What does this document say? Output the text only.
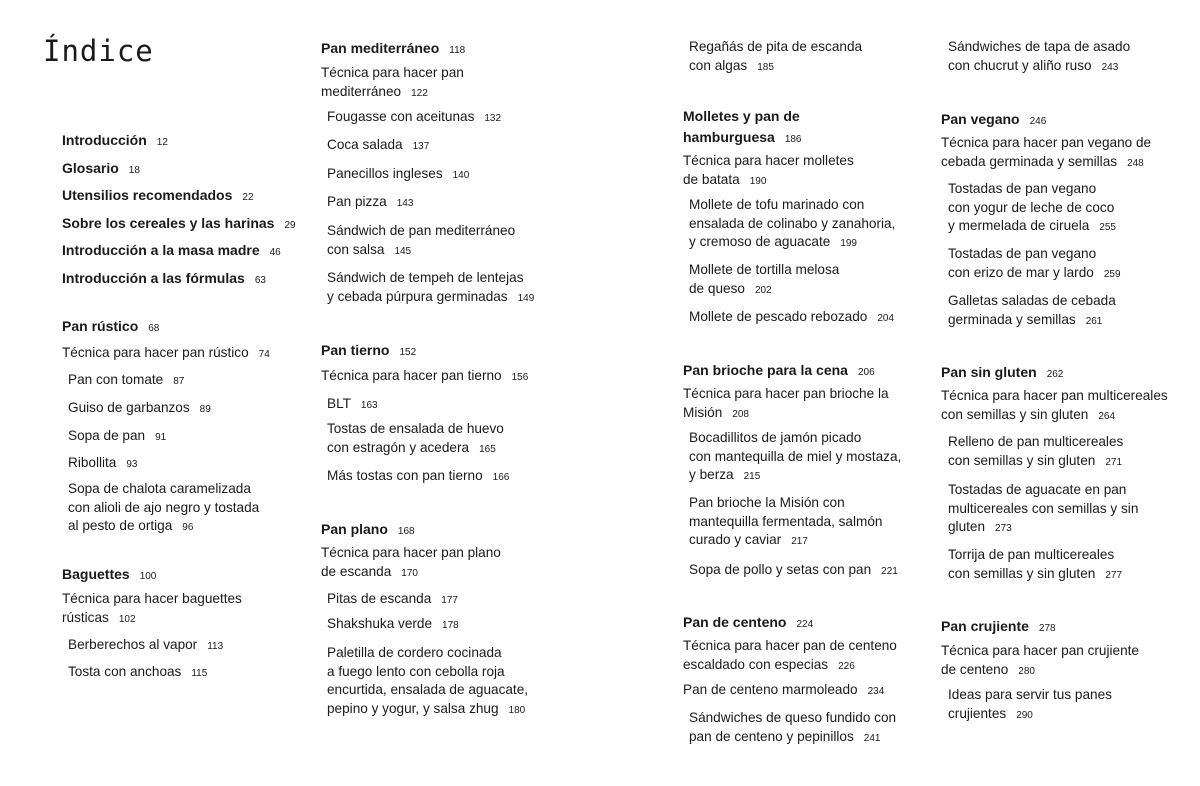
Índice
Introducción 12
Glosario 18
Utensilios recomendados 22
Sobre los cereales y las harinas 29
Introducción a la masa madre 46
Introducción a las fórmulas 63
Pan rústico 68
Técnica para hacer pan rústico 74
Pan con tomate 87
Guiso de garbanzos 89
Sopa de pan 91
Ribollita 93
Sopa de chalota caramelizada
con alioli de ajo negro y tostada
al pesto de ortiga 96
Baguettes 100
Técnica para hacer baguettes
rústicas 102
Berberechos al vapor 113
Tosta con anchoas 115
Pan mediterráneo 118
Técnica para hacer pan
mediterráneo 122
Fougasse con aceitunas 132
Coca salada 137
Panecillos ingleses 140
Pan pizza 143
Sándwich de pan mediterráneo
con salsa 145
Sándwich de tempeh de lentejas
y cebada púrpura germinadas 149
Pan tierno 152
Técnica para hacer pan tierno 156
BLT 163
Tostas de ensalada de huevo
con estragón y acedera 165
Más tostas con pan tierno 166
Pan plano 168
Técnica para hacer pan plano
de escanda 170
Pitas de escanda 177
Shakshuka verde 178
Paletilla de cordero cocinada
a fuego lento con cebolla roja
encurtida, ensalada de aguacate,
pepino y yogur, y salsa zhug 180
Regañás de pita de escanda
con algas 185
Molletes y pan de
hamburguesa 186
Técnica para hacer molletes
de batata 190
Mollete de tofu marinado con
ensalada de colinabo y zanahoria,
y cremoso de aguacate 199
Mollete de tortilla melosa
de queso 202
Mollete de pescado rebozado 204
Pan brioche para la cena 206
Técnica para hacer pan brioche la
Misión 208
Bocadillitos de jamón picado
con mantequilla de miel y mostaza,
y berza 215
Pan brioche la Misión con
mantequilla fermentada, salmón
curado y caviar 217
Sopa de pollo y setas con pan 221
Pan de centeno 224
Técnica para hacer pan de centeno
escaldado con especias 226
Pan de centeno marmoleado 234
Sándwiches de queso fundido con
pan de centeno y pepinillos 241
Sándwiches de tapa de asado
con chucrut y aliño ruso 243
Pan vegano 246
Técnica para hacer pan vegano de
cebada germinada y semillas 248
Tostadas de pan vegano
con yogur de leche de coco
y mermelada de ciruela 255
Tostadas de pan vegano
con erizo de mar y lardo 259
Galletas saladas de cebada
germinada y semillas 261
Pan sin gluten 262
Técnica para hacer pan multicereales
con semillas y sin gluten 264
Relleno de pan multicereales
con semillas y sin gluten 271
Tostadas de aguacate en pan
multicereales con semillas y sin
gluten 273
Torrija de pan multicereales
con semillas y sin gluten 277
Pan crujiente 278
Técnica para hacer pan crujiente
de centeno 280
Ideas para servir tus panes
crujientes 290
